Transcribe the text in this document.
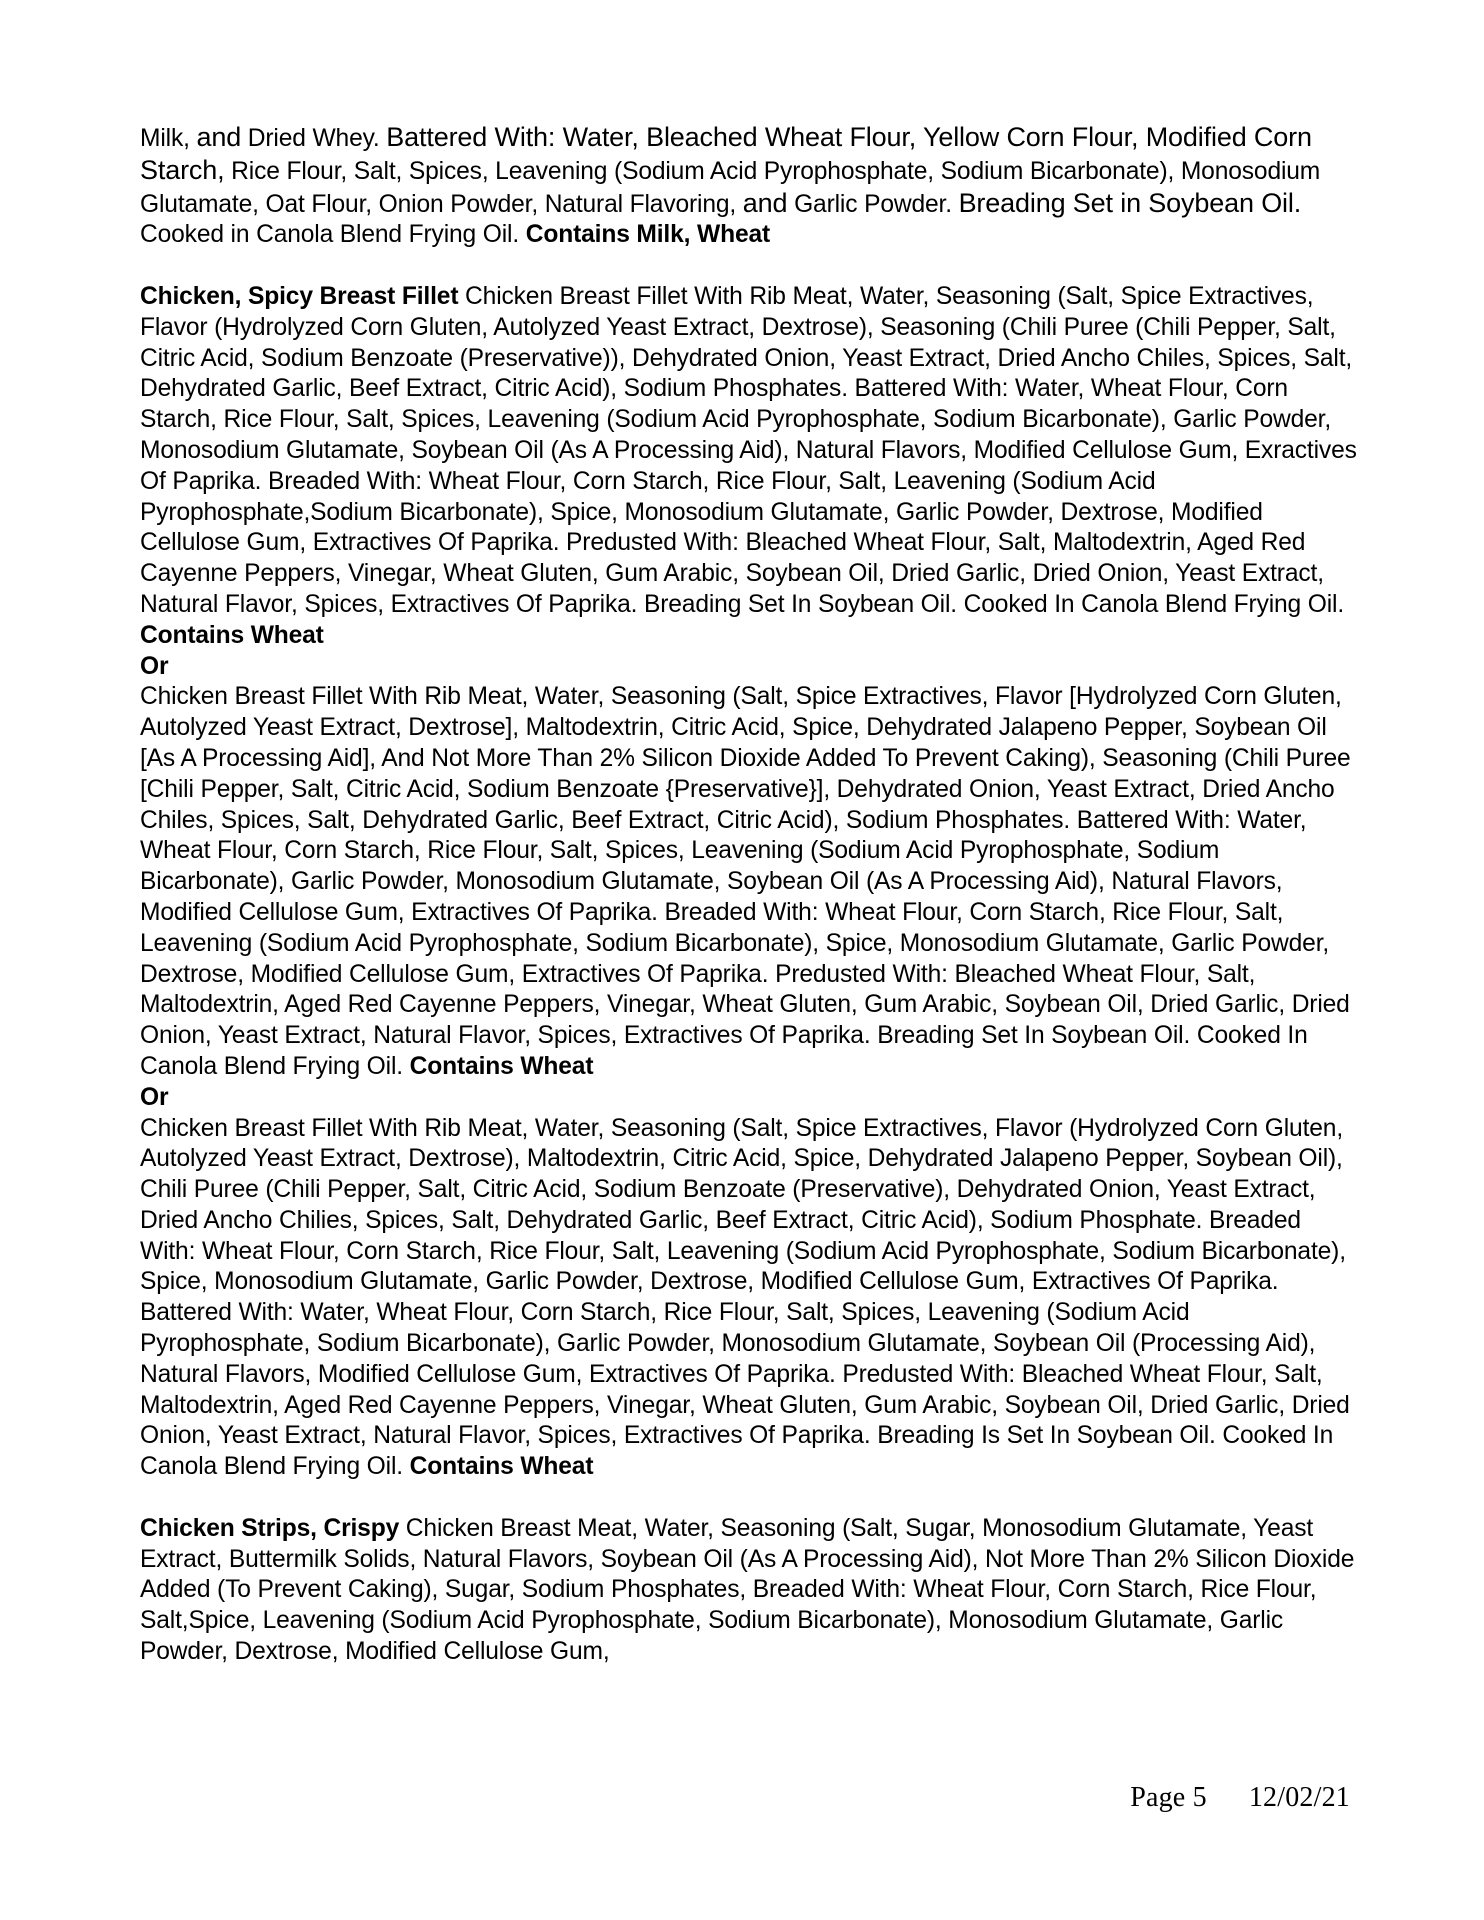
Milk, and Dried Whey. Battered With: Water, Bleached Wheat Flour, Yellow Corn Flour, Modified Corn Starch, Rice Flour, Salt, Spices, Leavening (Sodium Acid Pyrophosphate, Sodium Bicarbonate), Monosodium Glutamate, Oat Flour, Onion Powder, Natural Flavoring, and Garlic Powder. Breading Set in Soybean Oil. Cooked in Canola Blend Frying Oil. Contains Milk, Wheat

Chicken, Spicy Breast Fillet Chicken Breast Fillet With Rib Meat, Water, Seasoning (Salt, Spice Extractives, Flavor (Hydrolyzed Corn Gluten, Autolyzed Yeast Extract, Dextrose), Seasoning (Chili Puree (Chili Pepper, Salt, Citric Acid, Sodium Benzoate (Preservative)), Dehydrated Onion, Yeast Extract, Dried Ancho Chiles, Spices, Salt, Dehydrated Garlic, Beef Extract, Citric Acid), Sodium Phosphates. Battered With: Water, Wheat Flour, Corn Starch, Rice Flour, Salt, Spices, Leavening (Sodium Acid Pyrophosphate, Sodium Bicarbonate), Garlic Powder, Monosodium Glutamate, Soybean Oil (As A Processing Aid), Natural Flavors, Modified Cellulose Gum, Exractives Of Paprika. Breaded With: Wheat Flour, Corn Starch, Rice Flour, Salt, Leavening (Sodium Acid Pyrophosphate,Sodium Bicarbonate), Spice, Monosodium Glutamate, Garlic Powder, Dextrose, Modified Cellulose Gum, Extractives Of Paprika. Predusted With: Bleached Wheat Flour, Salt, Maltodextrin, Aged Red Cayenne Peppers, Vinegar, Wheat Gluten, Gum Arabic, Soybean Oil, Dried Garlic, Dried Onion, Yeast Extract, Natural Flavor, Spices, Extractives Of Paprika. Breading Set In Soybean Oil. Cooked In Canola Blend Frying Oil. Contains Wheat

Or

Chicken Breast Fillet With Rib Meat, Water, Seasoning (Salt, Spice Extractives, Flavor [Hydrolyzed Corn Gluten, Autolyzed Yeast Extract, Dextrose], Maltodextrin, Citric Acid, Spice, Dehydrated Jalapeno Pepper, Soybean Oil [As A Processing Aid], And Not More Than 2% Silicon Dioxide Added To Prevent Caking), Seasoning (Chili Puree [Chili Pepper, Salt, Citric Acid, Sodium Benzoate {Preservative}], Dehydrated Onion, Yeast Extract, Dried Ancho Chiles, Spices, Salt, Dehydrated Garlic, Beef Extract, Citric Acid), Sodium Phosphates. Battered With: Water, Wheat Flour, Corn Starch, Rice Flour, Salt, Spices, Leavening (Sodium Acid Pyrophosphate, Sodium Bicarbonate), Garlic Powder, Monosodium Glutamate, Soybean Oil (As A Processing Aid), Natural Flavors, Modified Cellulose Gum, Extractives Of Paprika. Breaded With: Wheat Flour, Corn Starch, Rice Flour, Salt, Leavening (Sodium Acid Pyrophosphate, Sodium Bicarbonate), Spice, Monosodium Glutamate, Garlic Powder, Dextrose, Modified Cellulose Gum, Extractives Of Paprika. Predusted With: Bleached Wheat Flour, Salt, Maltodextrin, Aged Red Cayenne Peppers, Vinegar, Wheat Gluten, Gum Arabic, Soybean Oil, Dried Garlic, Dried Onion, Yeast Extract, Natural Flavor, Spices, Extractives Of Paprika. Breading Set In Soybean Oil. Cooked In Canola Blend Frying Oil. Contains Wheat

Or

Chicken Breast Fillet With Rib Meat, Water, Seasoning (Salt, Spice Extractives, Flavor (Hydrolyzed Corn Gluten, Autolyzed Yeast Extract, Dextrose), Maltodextrin, Citric Acid, Spice, Dehydrated Jalapeno Pepper, Soybean Oil), Chili Puree (Chili Pepper, Salt, Citric Acid, Sodium Benzoate (Preservative), Dehydrated Onion, Yeast Extract, Dried Ancho Chilies, Spices, Salt, Dehydrated Garlic, Beef Extract, Citric Acid), Sodium Phosphate. Breaded With: Wheat Flour, Corn Starch, Rice Flour, Salt, Leavening (Sodium Acid Pyrophosphate, Sodium Bicarbonate), Spice, Monosodium Glutamate, Garlic Powder, Dextrose, Modified Cellulose Gum, Extractives Of Paprika. Battered With: Water, Wheat Flour, Corn Starch, Rice Flour, Salt, Spices, Leavening (Sodium Acid Pyrophosphate, Sodium Bicarbonate), Garlic Powder, Monosodium Glutamate, Soybean Oil (Processing Aid), Natural Flavors, Modified Cellulose Gum, Extractives Of Paprika. Predusted With: Bleached Wheat Flour, Salt, Maltodextrin, Aged Red Cayenne Peppers, Vinegar, Wheat Gluten, Gum Arabic, Soybean Oil, Dried Garlic, Dried Onion, Yeast Extract, Natural Flavor, Spices, Extractives Of Paprika. Breading Is Set In Soybean Oil. Cooked In Canola Blend Frying Oil. Contains Wheat

Chicken Strips, Crispy Chicken Breast Meat, Water, Seasoning (Salt, Sugar, Monosodium Glutamate, Yeast Extract, Buttermilk Solids, Natural Flavors, Soybean Oil (As A Processing Aid), Not More Than 2% Silicon Dioxide Added (To Prevent Caking), Sugar, Sodium Phosphates, Breaded With: Wheat Flour, Corn Starch, Rice Flour, Salt,Spice, Leavening (Sodium Acid Pyrophosphate, Sodium Bicarbonate), Monosodium Glutamate, Garlic Powder, Dextrose, Modified Cellulose Gum,

Page 5 12/02/21
